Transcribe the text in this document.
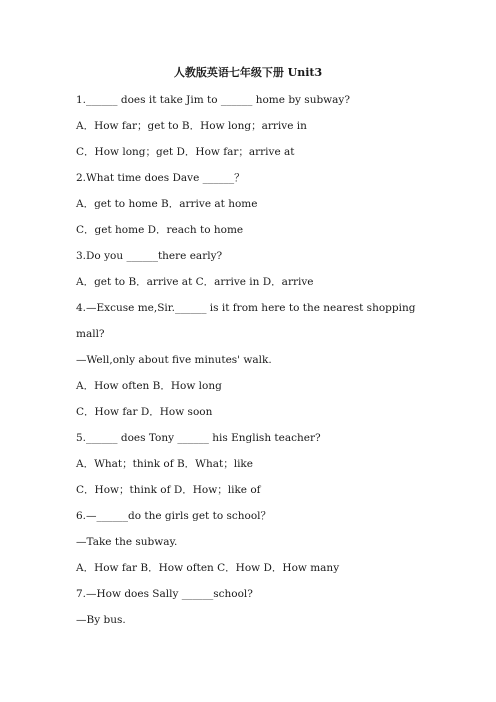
人教版英语七年级下册 Unit3
1.______ does it take Jim to ______ home by subway?
A．How far；get to B．How long；arrive in
C．How long；get D．How far；arrive at
2.What time does Dave ______？
A．get to home B．arrive at home
C．get home D．reach to home
3.Do you ______there early?
A．get to B．arrive at C．arrive in D．arrive
4.—Excuse me,Sir.______ is it from here to the nearest shopping
mall?
—Well,only about five minutes' walk.
A．How often B．How long
C．How far D．How soon
5.______ does Tony ______ his English teacher?
A．What；think of B．What；like
C．How；think of D．How；like of
6.—______do the girls get to school？
—Take the subway.
A．How far B．How often C．How D．How many
7.—How does Sally ______school?
—By bus.
